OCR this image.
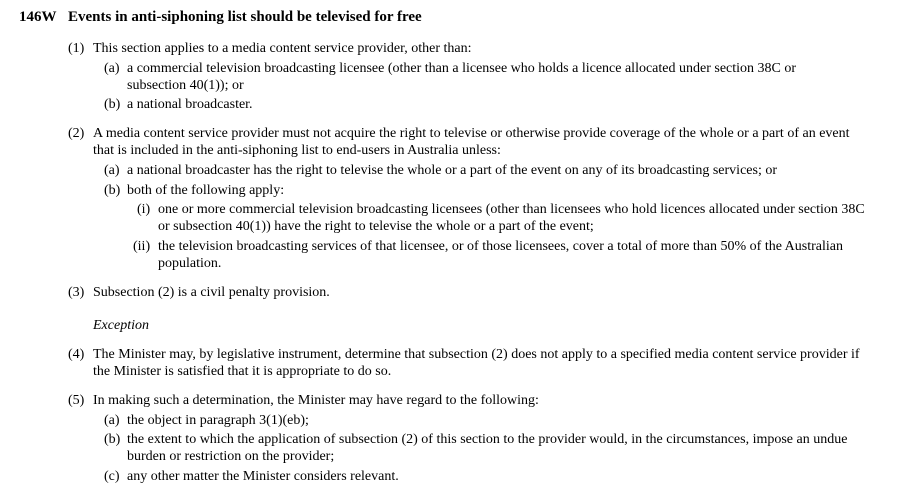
146W Events in anti-siphoning list should be televised for free
(1) This section applies to a media content service provider, other than:
(a) a commercial television broadcasting licensee (other than a licensee who holds a licence allocated under section 38C or
subsection 40(1)); or
(b) a national broadcaster.
(2) A media content service provider must not acquire the right to televise or otherwise provide coverage of the whole or a part of an event
that is included in the anti-siphoning list to end-users in Australia unless:
(a) a national broadcaster has the right to televise the whole or a part of the event on any of its broadcasting services; or
(b) both of the following apply:
(i) one or more commercial television broadcasting licensees (other than licensees who hold licences allocated under section 38C
or subsection 40(1)) have the right to televise the whole or a part of the event;
(ii) the television broadcasting services of that licensee, or of those licensees, cover a total of more than 50% of the Australian
population.
(3) Subsection (2) is a civil penalty provision.
Exception
(4) The Minister may, by legislative instrument, determine that subsection (2) does not apply to a specified media content service provider if
the Minister is satisfied that it is appropriate to do so.
(5) In making such a determination, the Minister may have regard to the following:
(a) the object in paragraph 3(1)(eb);
(b) the extent to which the application of subsection (2) of this section to the provider would, in the circumstances, impose an undue
burden or restriction on the provider;
(c) any other matter the Minister considers relevant.
